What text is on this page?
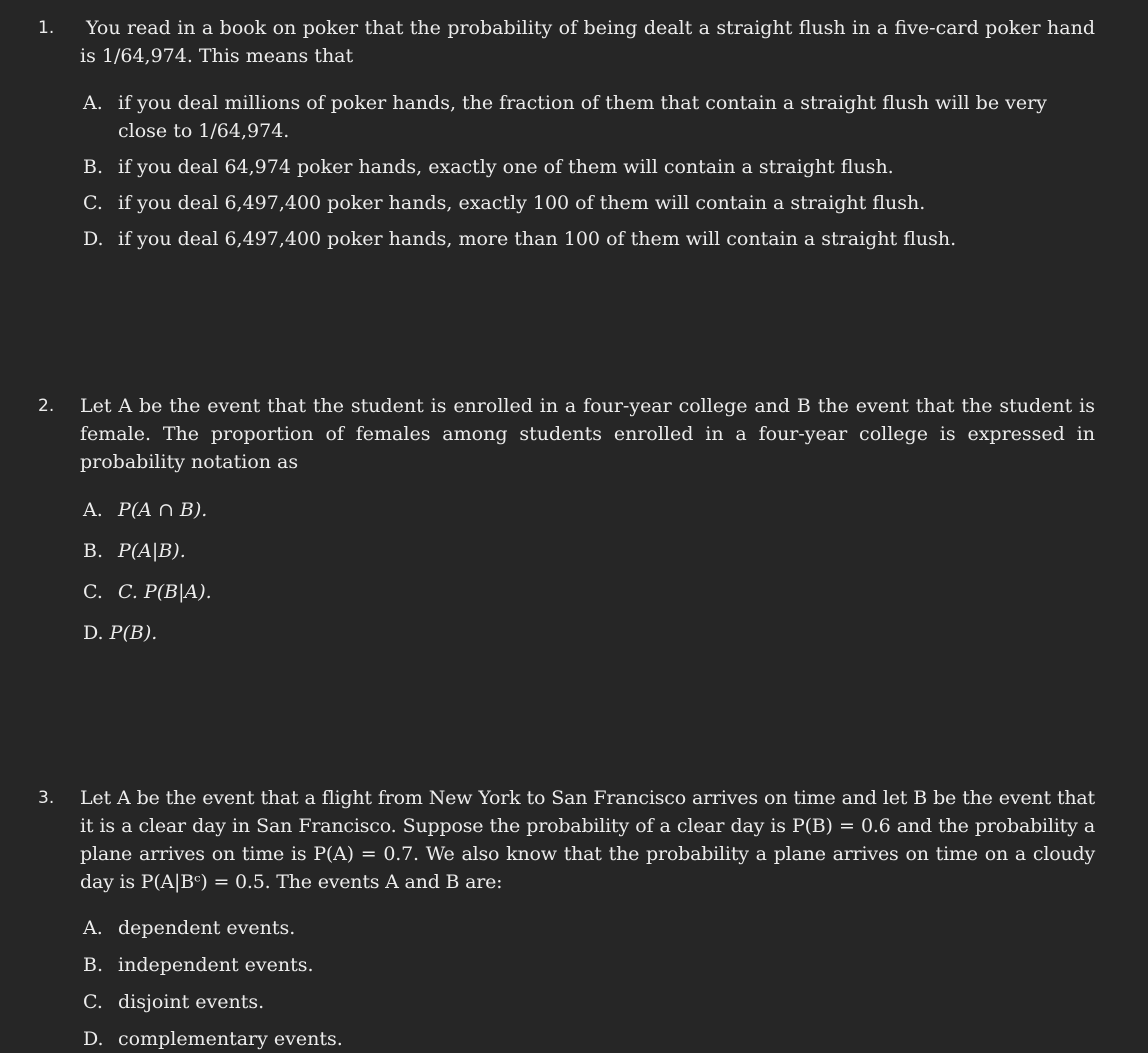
1.	You read in a book on poker that the probability of being dealt a straight flush in a five-card poker hand is 1/64,974. This means that
A. if you deal millions of poker hands, the fraction of them that contain a straight flush will be very close to 1/64,974.
B. if you deal 64,974 poker hands, exactly one of them will contain a straight flush.
C. if you deal 6,497,400 poker hands, exactly 100 of them will contain a straight flush.
D. if you deal 6,497,400 poker hands, more than 100 of them will contain a straight flush.
2. Let A be the event that the student is enrolled in a four-year college and B the event that the student is female. The proportion of females among students enrolled in a four-year college is expressed in probability notation as
A. P(A ∩ B).
B. P(A|B).
C. C. P(B|A).
D. P(B).
3. Let A be the event that a flight from New York to San Francisco arrives on time and let B be the event that it is a clear day in San Francisco. Suppose the probability of a clear day is P(B) = 0.6 and the probability a plane arrives on time is P(A) = 0.7. We also know that the probability a plane arrives on time on a cloudy day is P(A|Bᶜ) = 0.5. The events A and B are:
A. dependent events.
B. independent events.
C. disjoint events.
D. complementary events.
